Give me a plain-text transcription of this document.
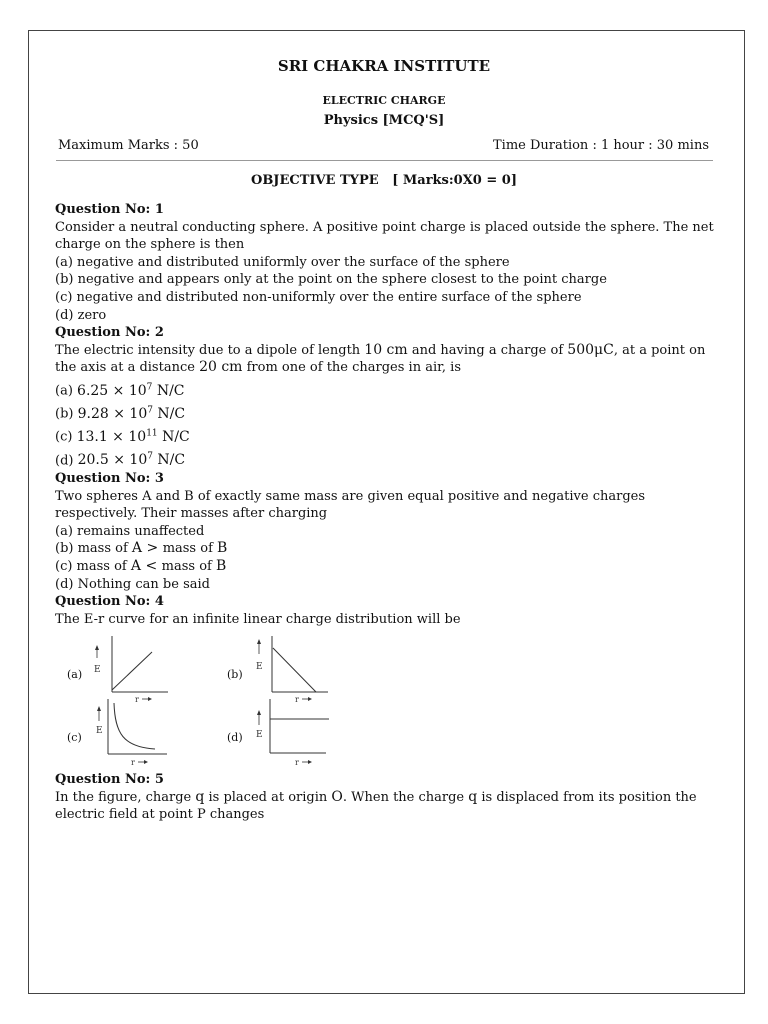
SRI CHAKRA INSTITUTE
ELECTRIC CHARGE
Physics [MCQ'S]
Maximum Marks : 50	Time Duration : 1 hour : 30 mins
OBJECTIVE TYPE   [ Marks:0X0 = 0]
Question No: 1
Consider a neutral conducting sphere. A positive point charge is placed outside the sphere. The net charge on the sphere is then
(a) negative and distributed uniformly over the surface of the sphere
(b) negative and appears only at the point on the sphere closest to the point charge
(c) negative and distributed non-uniformly over the entire surface of the sphere
(d) zero
Question No: 2
The electric intensity due to a dipole of length 10 cm and having a charge of 500μC, at a point on the axis at a distance 20 cm from one of the charges in air, is
(a) $6.25 \times 10^7$ N/C
(b) $9.28 \times 10^7$ N/C
(c) $13.1 \times 10^{11}$ N/C
(d) $20.5 \times 10^7$ N/C
Question No: 3
Two spheres A and B of exactly same mass are given equal positive and negative charges respectively. Their masses after charging
(a) remains unaffected
(b) mass of A > mass of B
(c) mass of A < mass of B
(d) Nothing can be said
Question No: 4
The E-r curve for an infinite linear charge distribution will be
(a) E
r
(b)
E
r
(c) E
r
(d) E
r
Question No: 5
In the figure, charge q is placed at origin O. When the charge q is displaced from its position the electric field at point P changes
